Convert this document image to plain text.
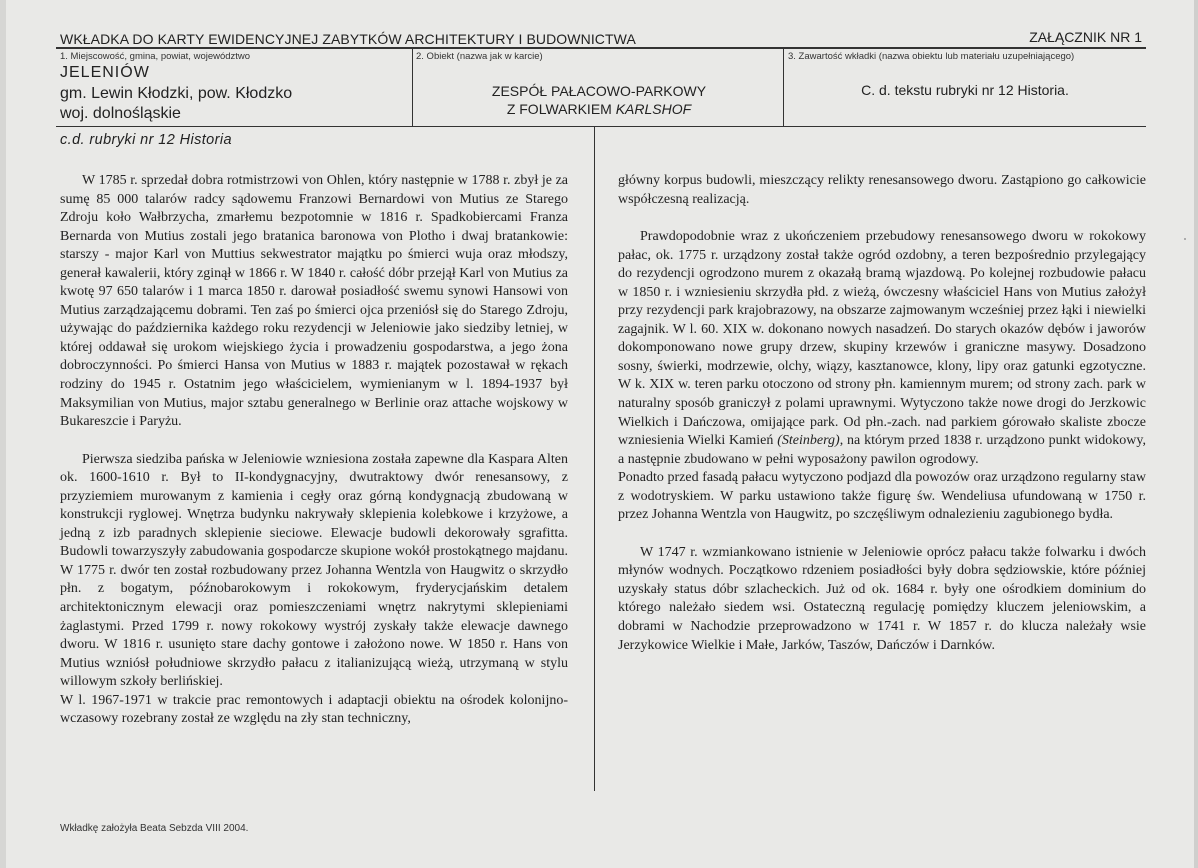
WKŁADKA DO KARTY EWIDENCYJNEJ ZABYTKÓW ARCHITEKTURY I BUDOWNICTWA	ZAŁĄCZNIK NR 1
1. Miejscowość, gmina, powiat, województwo
JELENIÓW
gm. Lewin Kłodzki, pow. Kłodzko
woj. dolnośląskie
2. Obiekt (nazwa jak w karcie)
ZESPÓŁ PAŁACOWO-PARKOWY
Z FOLWARKIEM KARLSHOF
3. Zawartość wkładki (nazwa obiektu lub materiału uzupełniającego)
C. d. tekstu rubryki nr 12 Historia.
c.d. rubryki nr 12 Historia

W 1785 r. sprzedał dobra rotmistrzowi von Ohlen, który następnie w 1788 r. zbył je za sumę 85 000 talarów radcy sądowemu Franzowi Bernardowi von Mutius ze Starego Zdroju koło Wałbrzycha, zmarłemu bezpotomnie w 1816 r. Spadkobiercami Franza Bernarda von Mutius zostali jego bratanica baronowa von Plotho i dwaj bratankowie: starszy - major Karl von Muttius sekwestrator majątku po śmierci wuja oraz młodszy, generał kawalerii, który zginął w 1866 r. W 1840 r. całość dóbr przejął Karl von Mutius za kwotę 97 650 talarów i 1 marca 1850 r. darował posiadłość swemu synowi Hansowi von Mutius zarządzającemu dobrami. Ten zaś po śmierci ojca przeniósł się do Starego Zdroju, używając do października każdego roku rezydencji w Jeleniowie jako siedziby letniej, w której oddawał się urokom wiejskiego życia i prowadzeniu gospodarstwa, a jego żona dobroczynności. Po śmierci Hansa von Mutius w 1883 r. majątek pozostawał w rękach rodziny do 1945 r. Ostatnim jego właścicielem, wymienianym w l. 1894-1937 był Maksymilian von Mutius, major sztabu generalnego w Berlinie oraz attache wojskowy w Bukareszcie i Paryżu.

Pierwsza siedziba pańska w Jeleniowie wzniesiona została zapewne dla Kaspara Alten ok. 1600-1610 r. Był to II-kondygnacyjny, dwutraktowy dwór renesansowy, z przyziemiem murowanym z kamienia i cegły oraz górną kondygnacją zbudowaną w konstrukcji ryglowej. Wnętrza budynku nakrywały sklepienia kolebkowe i krzyżowe, a jedną z izb paradnych sklepienie sieciowe. Elewacje budowli dekorowały sgrafitta. Budowli towarzyszyły zabudowania gospodarcze skupione wokół prostokątnego majdanu. W 1775 r. dwór ten został rozbudowany przez Johanna Wentzla von Haugwitz o skrzydło płn. z bogatym, późnobarokowym i rokokowym, fryderycjańskim detalem architektonicznym elewacji oraz pomieszczeniami wnętrz nakrytymi sklepieniami żaglastymi. Przed 1799 r. nowy rokokowy wystrój zyskały także elewacje dawnego dworu. W 1816 r. usunięto stare dachy gontowe i założono nowe. W 1850 r. Hans von Mutius wzniósł południowe skrzydło pałacu z italianizującą wieżą, utrzymaną w stylu willowym szkoły berlińskiej.

W l. 1967-1971 w trakcie prac remontowych i adaptacji obiektu na ośrodek kolonijno-wczasowy rozebrany został ze względu na zły stan techniczny,

główny korpus budowli, mieszczący relikty renesansowego dworu. Zastąpiono go całkowicie współczesną realizacją.

Prawdopodobnie wraz z ukończeniem przebudowy renesansowego dworu w rokokowy pałac, ok. 1775 r. urządzony został także ogród ozdobny, a teren bezpośrednio przylegający do rezydencji ogrodzono murem z okazałą bramą wjazdową. Po kolejnej rozbudowie pałacu w 1850 r. i wzniesieniu skrzydła płd. z wieżą, ówczesny właściciel Hans von Mutius założył przy rezydencji park krajobrazowy, na obszarze zajmowanym wcześniej przez łąki i niewielki zagajnik. W l. 60. XIX w. dokonano nowych nasadzeń. Do starych okazów dębów i jaworów dokomponowano nowe grupy drzew, skupiny krzewów i graniczne masywy. Dosadzono sosny, świerki, modrzewie, olchy, wiązy, kasztanowce, klony, lipy oraz gatunki egzotyczne. W k. XIX w. teren parku otoczono od strony płn. kamiennym murem; od strony zach. park w naturalny sposób graniczył z polami uprawnymi. Wytyczono także nowe drogi do Jerzkowic Wielkich i Dańczowa, omijające park. Od płn.-zach. nad parkiem górowało skaliste zbocze wzniesienia Wielki Kamień (Steinberg), na którym przed 1838 r. urządzono punkt widokowy, a następnie zbudowano w pełni wyposażony pawilon ogrodowy.

Ponadto przed fasadą pałacu wytyczono podjazd dla powozów oraz urządzono regularny staw z wodotryskiem. W parku ustawiono także figurę św. Wendeliusa ufundowaną w 1750 r. przez Johanna Wentzla von Haugwitz, po szczęśliwym odnalezieniu zagubionego bydła.

W 1747 r. wzmiankowano istnienie w Jeleniowie oprócz pałacu także folwarku i dwóch młynów wodnych. Początkowo rdzeniem posiadłości były dobra sędziowskie, które później uzyskały status dóbr szlacheckich. Już od ok. 1684 r. były one ośrodkiem dominium do którego należało siedem wsi. Ostateczną regulację pomiędzy kluczem jeleniowskim, a dobrami w Nachodzie przeprowadzono w 1741 r. W 1857 r. do klucza należały wsie Jerzykowice Wielkie i Małe, Jarków, Taszów, Dańczów i Darnków.

Wkładkę założyła Beata Sebzda VIII 2004.
